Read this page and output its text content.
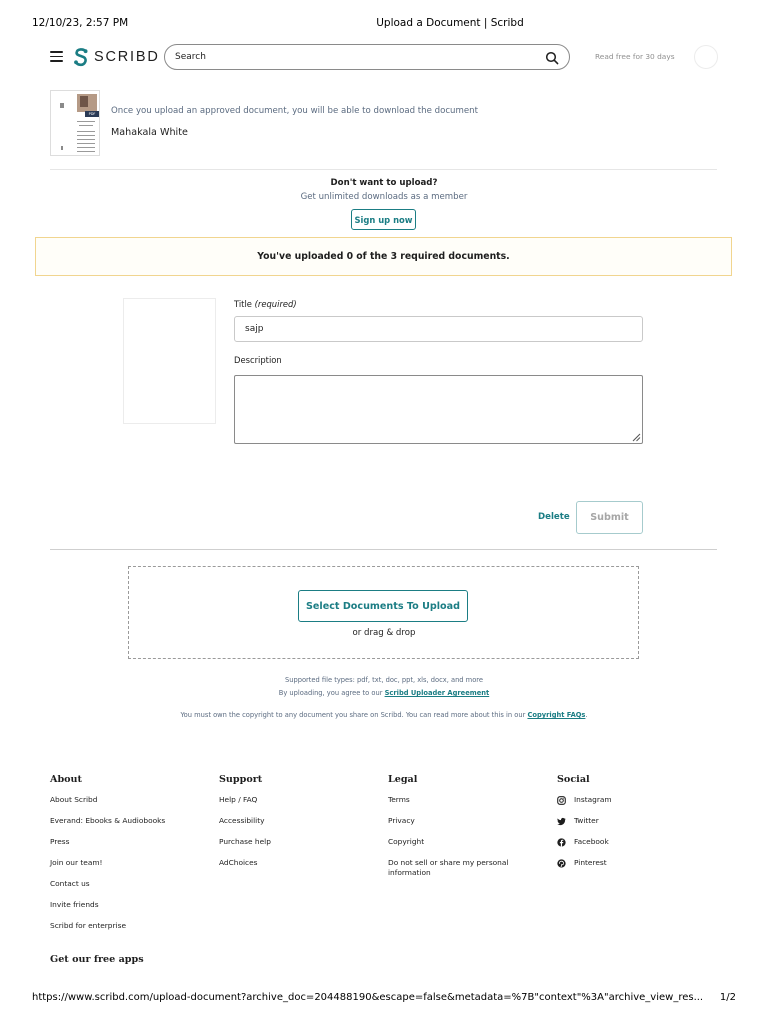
12/10/23, 2:57 PM	Upload a Document | Scribd
SCRIBD
Search	Read free for 30 days
PDF	Once you upload an approved document, you will be able to download the document
Mahakala White
Don't want to upload?
Get unlimited downloads as a member
Sign up now
You've uploaded 0 of the 3 required documents.
Title (required)
sajp
Description
Delete	Submit
Select Documents To Upload
or drag & drop
Supported file types: pdf, txt, doc, ppt, xls, docx, and more
By uploading, you agree to our Scribd Uploader Agreement
You must own the copyright to any document you share on Scribd. You can read more about this in our Copyright FAQs.
About
About Scribd
Everand: Ebooks & Audiobooks
Press
Join our team!
Contact us
Invite friends
Scribd for enterprise
Support
Help / FAQ
Accessibility
Purchase help
AdChoices
Legal
Terms
Privacy
Copyright
Do not sell or share my personal information
Social
Instagram
Twitter
Facebook
Pinterest
Get our free apps
https://www.scribd.com/upload-document?archive_doc=204488190&escape=false&metadata=%7B"context"%3A"archive_view_res...	1/2
